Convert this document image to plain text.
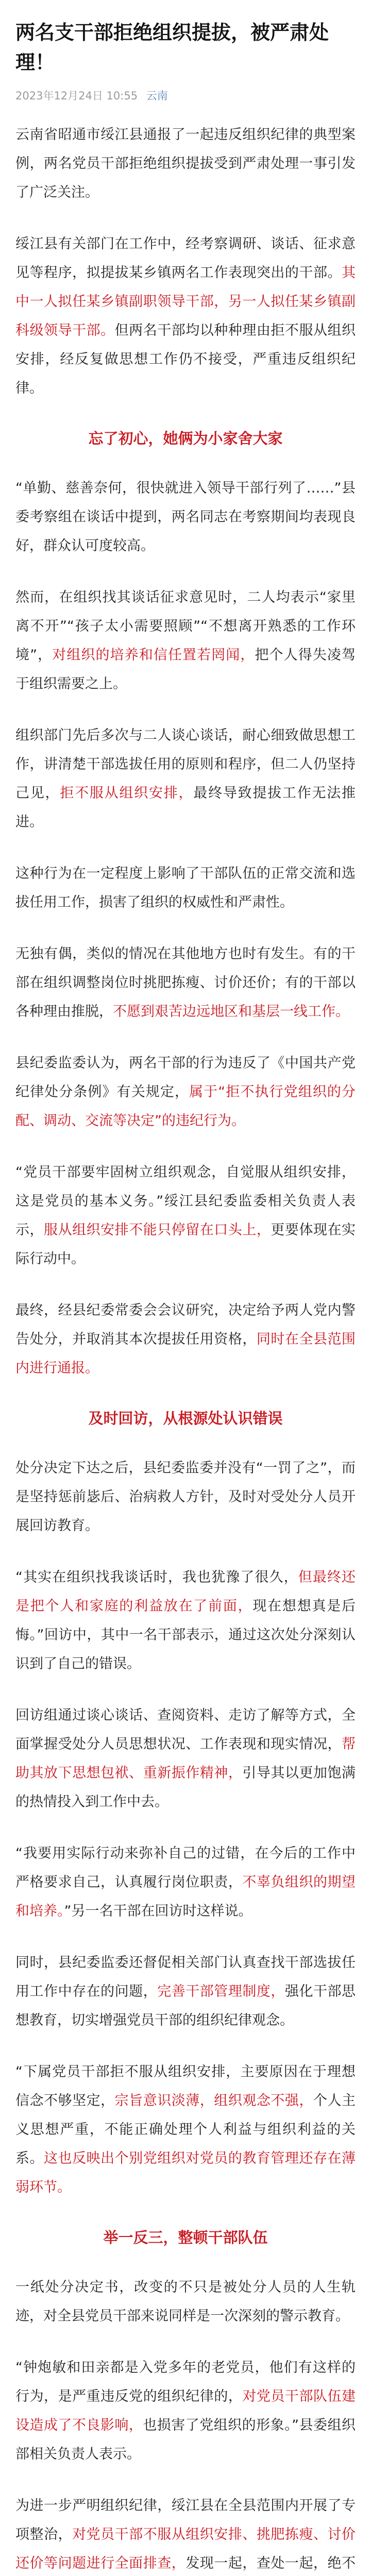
两名支干部拒绝组织提拔，被严肃处理！
2023年12月24日 10:55 云南

云南省昭通市绥江县通报了一起违反组织纪律的典型案例，两名党员干部拒绝组织提拔受到严肃处理一事引发了广泛关注。

绥江县有关部门在工作中，经考察调研、谈话、征求意见等程序，拟提拔某乡镇两名工作表现突出的干部。其中一人拟任某乡镇副职领导干部，另一人拟任某乡镇副科级领导干部。但两名干部均以种种理由拒不服从组织安排，经反复做思想工作仍不接受，严重违反组织纪律。

忘了初心，她俩为小家舍大家

“单勤、慈善奈何，很快就进入领导干部行列了……”县委考察组在谈话中提到，两名同志在考察期间均表现良好，群众认可度较高。

然而，在组织找其谈话征求意见时，二人均表示“家里离不开”“孩子太小需要照顾”“不想离开熟悉的工作环境”，对组织的培养和信任置若罔闻，把个人得失凌驾于组织需要之上。

组织部门先后多次与二人谈心谈话，耐心细致做思想工作，讲清楚干部选拔任用的原则和程序，但二人仍坚持己见，拒不服从组织安排，最终导致提拔工作无法推进。

这种行为在一定程度上影响了干部队伍的正常交流和选拔任用工作，损害了组织的权威性和严肃性。

无独有偶，类似的情况在其他地方也时有发生。有的干部在组织调整岗位时挑肥拣瘦、讨价还价；有的干部以各种理由推脱，不愿到艰苦边远地区和基层一线工作。

县纪委监委认为，两名干部的行为违反了《中国共产党纪律处分条例》有关规定，属于“拒不执行党组织的分配、调动、交流等决定”的违纪行为。

“党员干部要牢固树立组织观念，自觉服从组织安排，这是党员的基本义务。”绥江县纪委监委相关负责人表示，服从组织安排不能只停留在口头上，更要体现在实际行动中。

最终，经县纪委常委会会议研究，决定给予两人党内警告处分，并取消其本次提拔任用资格，同时在全县范围内进行通报。

及时回访，从根源处认识错误

处分决定下达之后，县纪委监委并没有“一罚了之”，而是坚持惩前毖后、治病救人方针，及时对受处分人员开展回访教育。

“其实在组织找我谈话时，我也犹豫了很久，但最终还是把个人和家庭的利益放在了前面，现在想想真是后悔。”回访中，其中一名干部表示，通过这次处分深刻认识到了自己的错误。

回访组通过谈心谈话、查阅资料、走访了解等方式，全面掌握受处分人员思想状况、工作表现和现实情况，帮助其放下思想包袱、重新振作精神，引导其以更加饱满的热情投入到工作中去。

“我要用实际行动来弥补自己的过错，在今后的工作中严格要求自己，认真履行岗位职责，不辜负组织的期望和培养。”另一名干部在回访时这样说。

同时，县纪委监委还督促相关部门认真查找干部选拔任用工作中存在的问题，完善干部管理制度，强化干部思想教育，切实增强党员干部的组织纪律观念。

“下属党员干部拒不服从组织安排，主要原因在于理想信念不够坚定，宗旨意识淡薄，组织观念不强，个人主义思想严重，不能正确处理个人利益与组织利益的关系。这也反映出个别党组织对党员的教育管理还存在薄弱环节。

举一反三，整顿干部队伍

一纸处分决定书，改变的不只是被处分人员的人生轨迹，对全县党员干部来说同样是一次深刻的警示教育。

“钟炮敏和田亲都是入党多年的老党员，他们有这样的行为，是严重违反党的组织纪律的，对党员干部队伍建设造成了不良影响，也损害了党组织的形象。”县委组织部相关负责人表示。

为进一步严明组织纪律，绥江县在全县范围内开展了专项整治，对党员干部不服从组织安排、挑肥拣瘦、讨价还价等问题进行全面排查，发现一起，查处一起，绝不
